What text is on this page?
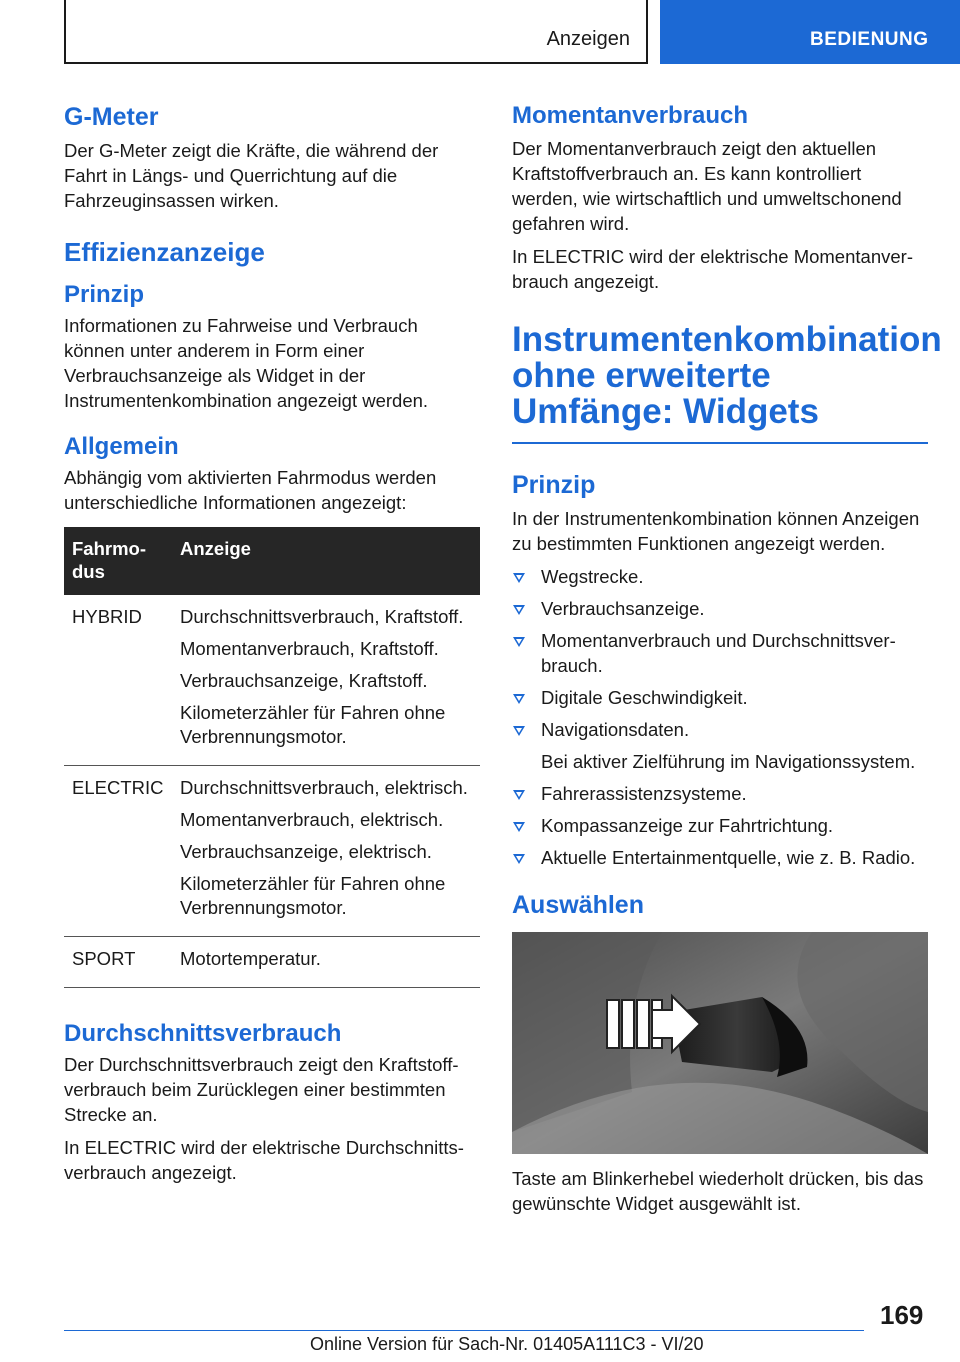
Anzeigen	BEDIENUNG
G-Meter

Der G-Meter zeigt die Kräfte, die während der Fahrt in Längs- und Querrichtung auf die Fahrzeuginsassen wirken.

Effizienzanzeige
Prinzip

Informationen zu Fahrweise und Verbrauch können unter anderem in Form einer Verbrauchsanzeige als Widget in der Instrumentenkombination angezeigt werden.

Allgemein

Abhängig vom aktivierten Fahrmodus werden unterschiedliche Informationen angezeigt:

Fahrmodus	Anzeige
HYBRID	Durchschnittsverbrauch, Kraftstoff.

Momentanverbrauch, Kraftstoff.

Verbrauchsanzeige, Kraftstoff.

Kilometerzähler für Fahren ohne Verbrennungsmotor.

ELECTRIC	Durchschnittsverbrauch, elektrisch.

Momentanverbrauch, elektrisch.

Verbrauchsanzeige, elektrisch.

Kilometerzähler für Fahren ohne Verbrennungsmotor.

SPORT	Motortemperatur.

Durchschnittsverbrauch

Der Durchschnittsverbrauch zeigt den Kraftstoffverbrauch beim Zurücklegen einer bestimmten Strecke an.

In ELECTRIC wird der elektrische Durchschnittsverbrauch angezeigt.

Momentanverbrauch

Der Momentanverbrauch zeigt den aktuellen Kraftstoffverbrauch an. Es kann kontrolliert werden, wie wirtschaftlich und umweltschonend gefahren wird.

In ELECTRIC wird der elektrische Momentanverbrauch angezeigt.

Instrumentenkombination ohne erweiterte Umfänge: Widgets
Prinzip

In der Instrumentenkombination können Anzeigen zu bestimmten Funktionen angezeigt werden.

Wegstrecke.
Verbrauchsanzeige.
Momentanverbrauch und Durchschnittsverbrauch.
Digitale Geschwindigkeit.
Navigationsdaten.
Bei aktiver Zielführung im Navigationssystem.
Fahrerassistenzsysteme.
Kompassanzeige zur Fahrtrichtung.
Aktuelle Entertainmentquelle, wie z. B. Radio.
Auswählen

Taste am Blinkerhebel wiederholt drücken, bis das gewünschte Widget ausgewählt ist.

169
Online Version für Sach-Nr. 01405A111C3 - VI/20
